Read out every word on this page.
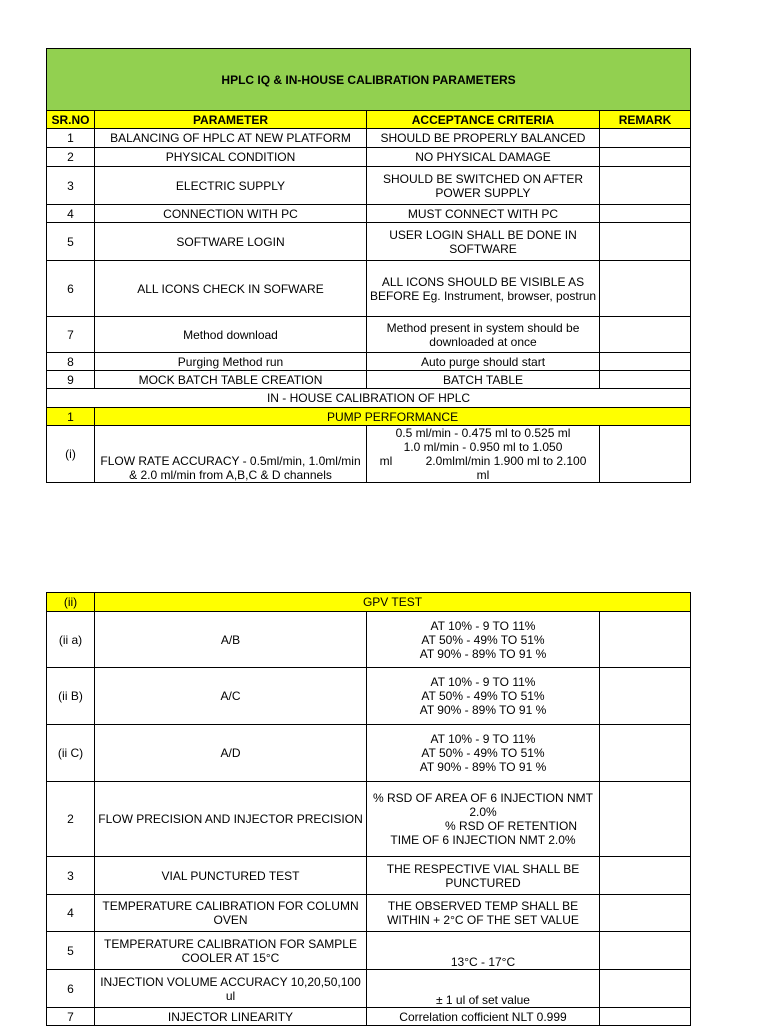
HPLC IQ & IN-HOUSE CALIBRATION PARAMETERS			
SR.NO	PARAMETER	ACCEPTANCE CRITERIA	REMARK
1	BALANCING OF HPLC AT NEW PLATFORM	SHOULD BE PROPERLY BALANCED	
2	PHYSICAL CONDITION	NO PHYSICAL DAMAGE	
3	ELECTRIC SUPPLY	SHOULD BE SWITCHED ON AFTER POWER SUPPLY	
4	CONNECTION WITH PC	MUST CONNECT WITH PC	
5	SOFTWARE LOGIN	USER LOGIN SHALL BE DONE IN SOFTWARE	
6	ALL ICONS CHECK IN SOFWARE	ALL ICONS SHOULD BE VISIBLE AS BEFORE Eg. Instrument, browser, postrun	
7	Method download	Method present in system should be downloaded at once	
8	Purging Method run	Auto purge should start	
9	MOCK BATCH TABLE CREATION	BATCH TABLE	
IN - HOUSE CALIBRATION OF HPLC			
1	PUMP PERFORMANCE		
(i)	FLOW RATE ACCURACY - 0.5ml/min, 1.0ml/min & 2.0 ml/min from A,B,C & D channels	0.5 ml/min - 0.475 ml to 0.525 ml
1.0 ml/min - 0.950 ml to 1.050
ml          2.0mlml/min 1.900 ml to 2.100
ml	

(ii)	GPV TEST		
(ii a)	A/B	AT 10% - 9 TO 11%
AT 50% - 49% TO 51%
AT 90% - 89% TO 91 %	

(ii B)	A/C	AT 10% - 9 TO 11%
AT 50% - 49% TO 51%
AT 90% - 89% TO 91 %	

(ii C)	A/D	AT 10% - 9 TO 11%
AT 50% - 49% TO 51%
AT 90% - 89% TO 91 %	

2	FLOW PRECISION AND INJECTOR PRECISION	% RSD OF AREA OF 6 INJECTION NMT
2.0%
% RSD OF RETENTION
TIME OF 6 INJECTION NMT 2.0%	

3	VIAL PUNCTURED TEST	THE RESPECTIVE VIAL SHALL BE PUNCTURED	
4	TEMPERATURE CALIBRATION FOR COLUMN OVEN	THE OBSERVED TEMP SHALL BE WITHIN + 2°C OF THE SET VALUE	
5	TEMPERATURE CALIBRATION FOR SAMPLE COOLER AT 15°C	13°C - 17°C	
6	INJECTION VOLUME ACCURACY 10,20,50,100 ul	± 1 ul of set value	
7	INJECTOR LINEARITY	Correlation cofficient NLT 0.999	
